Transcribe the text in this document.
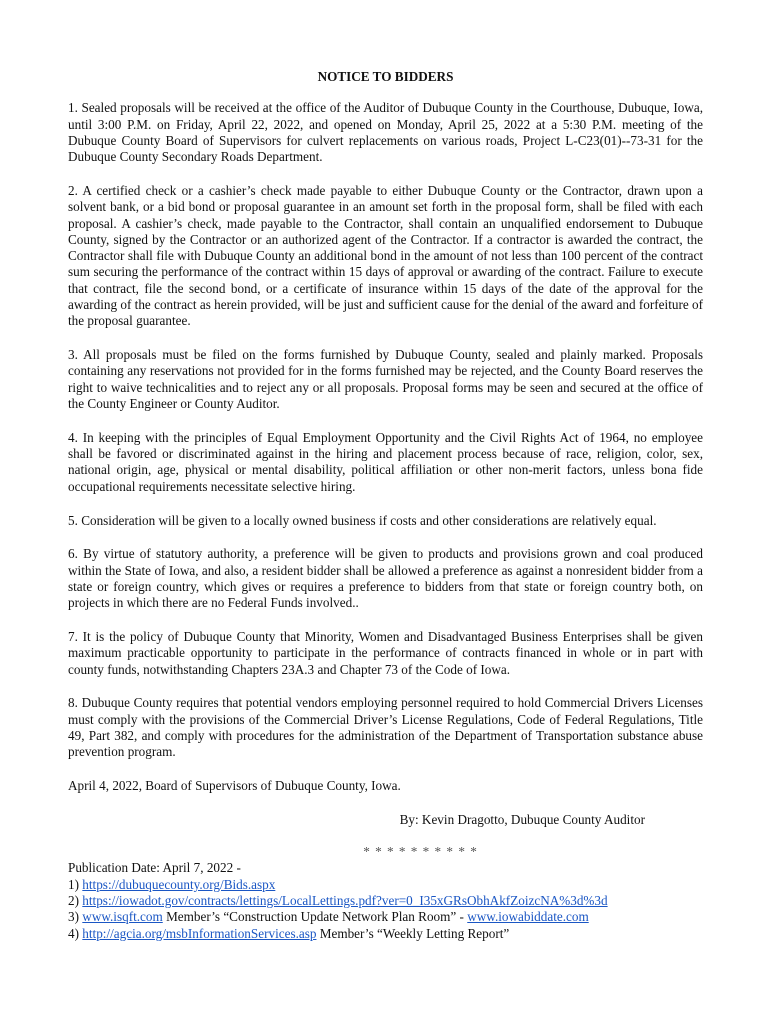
NOTICE TO BIDDERS

1. Sealed proposals will be received at the office of the Auditor of Dubuque County in the Courthouse, Dubuque, Iowa, until 3:00 P.M. on Friday, April 22, 2022, and opened on Monday, April 25, 2022 at a 5:30 P.M. meeting of the Dubuque County Board of Supervisors for culvert replacements on various roads, Project L-C23(01)--73-31 for the Dubuque County Secondary Roads Department.

2. A certified check or a cashier’s check made payable to either Dubuque County or the Contractor, drawn upon a solvent bank, or a bid bond or proposal guarantee in an amount set forth in the proposal form, shall be filed with each proposal. A cashier’s check, made payable to the Contractor, shall contain an unqualified endorsement to Dubuque County, signed by the Contractor or an authorized agent of the Contractor. If a contractor is awarded the contract, the Contractor shall file with Dubuque County an additional bond in the amount of not less than 100 percent of the contract sum securing the performance of the contract within 15 days of approval or awarding of the contract. Failure to execute that contract, file the second bond, or a certificate of insurance within 15 days of the date of the approval for the awarding of the contract as herein provided, will be just and sufficient cause for the denial of the award and forfeiture of the proposal guarantee.

3. All proposals must be filed on the forms furnished by Dubuque County, sealed and plainly marked. Proposals containing any reservations not provided for in the forms furnished may be rejected, and the County Board reserves the right to waive technicalities and to reject any or all proposals. Proposal forms may be seen and secured at the office of the County Engineer or County Auditor.

4. In keeping with the principles of Equal Employment Opportunity and the Civil Rights Act of 1964, no employee shall be favored or discriminated against in the hiring and placement process because of race, religion, color, sex, national origin, age, physical or mental disability, political affiliation or other non-merit factors, unless bona fide occupational requirements necessitate selective hiring.

5. Consideration will be given to a locally owned business if costs and other considerations are relatively equal.

6. By virtue of statutory authority, a preference will be given to products and provisions grown and coal produced within the State of Iowa, and also, a resident bidder shall be allowed a preference as against a nonresident bidder from a state or foreign country, which gives or requires a preference to bidders from that state or foreign country both, on projects in which there are no Federal Funds involved..

7. It is the policy of Dubuque County that Minority, Women and Disadvantaged Business Enterprises shall be given maximum practicable opportunity to participate in the performance of contracts financed in whole or in part with county funds, notwithstanding Chapters 23A.3 and Chapter 73 of the Code of Iowa.

8. Dubuque County requires that potential vendors employing personnel required to hold Commercial Drivers Licenses must comply with the provisions of the Commercial Driver’s License Regulations, Code of Federal Regulations, Title 49, Part 382, and comply with procedures for the administration of the Department of Transportation substance abuse prevention program.

April 4, 2022, Board of Supervisors of Dubuque County, Iowa.

By: Kevin Dragotto, Dubuque County Auditor

* * * * * * * * * *

Publication Date: April 7, 2022 -

1) https://dubuquecounty.org/Bids.aspx

2) https://iowadot.gov/contracts/lettings/LocalLettings.pdf?ver=0_I35xGRsObhAkfZoizcNA%3d%3d

3) www.isqft.com Member’s “Construction Update Network Plan Room” - www.iowabiddate.com

4) http://agcia.org/msbInformationServices.asp Member’s “Weekly Letting Report”
